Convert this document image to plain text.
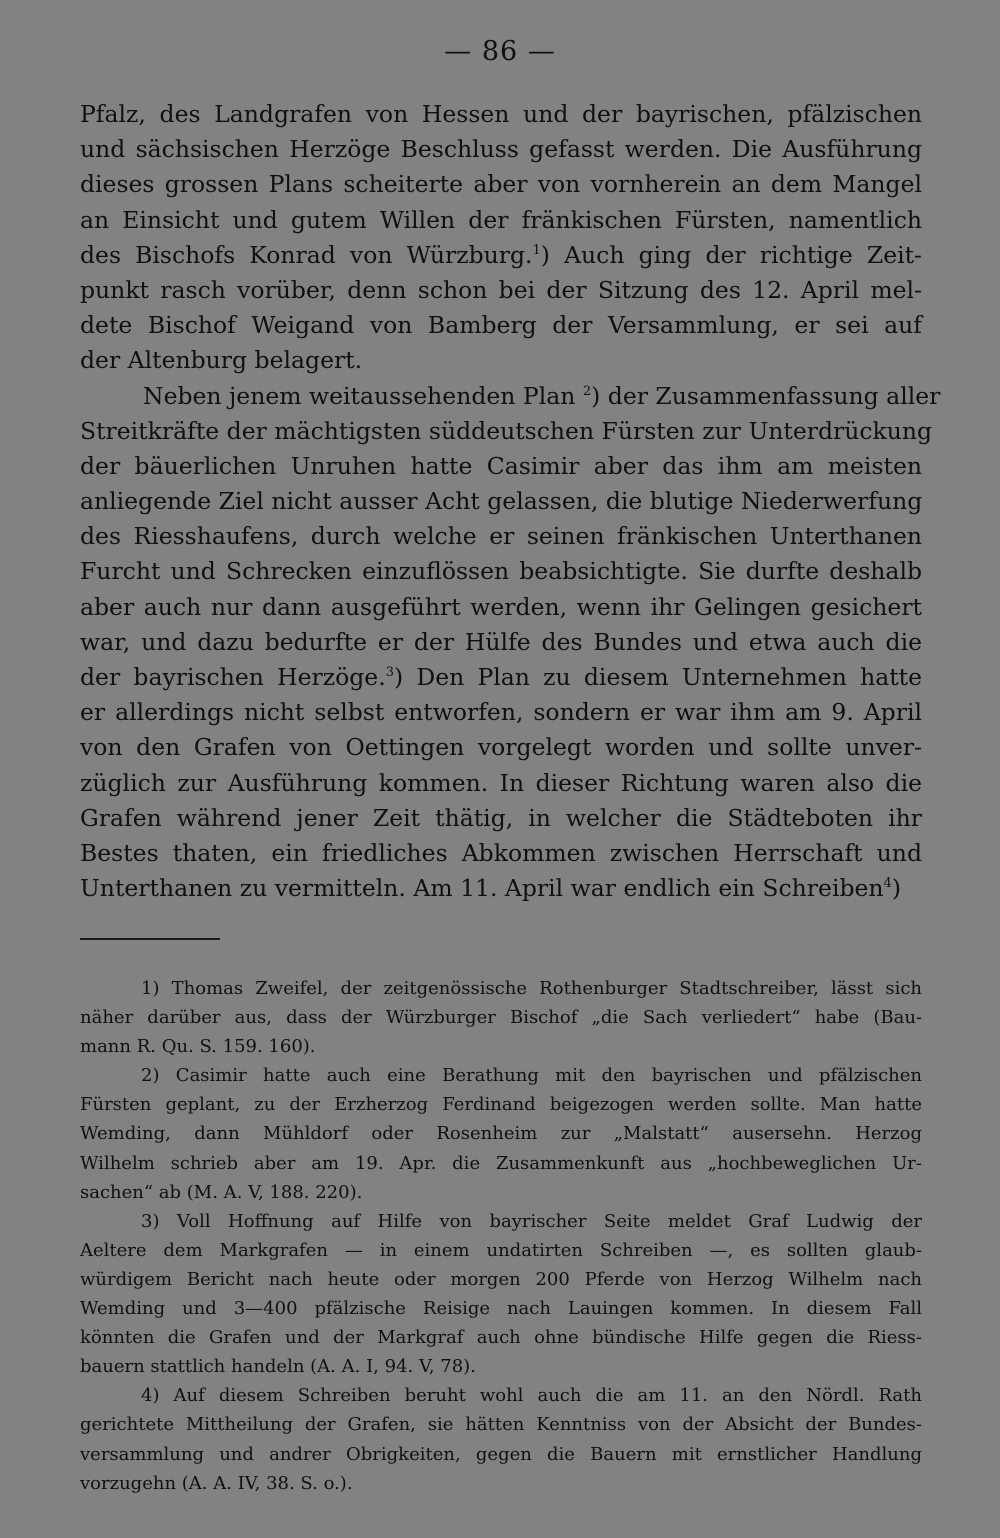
— 86 —
Pfalz, des Landgrafen von Hessen und der bayrischen, pfälzischen
und sächsischen Herzöge Beschluss gefasst werden. Die Ausführung
dieses grossen Plans scheiterte aber von vornherein an dem Mangel
an Einsicht und gutem Willen der fränkischen Fürsten, namentlich
des Bischofs Konrad von Würzburg.$^1$) Auch ging der richtige Zeit-
punkt rasch vorüber, denn schon bei der Sitzung des 12. April mel-
dete Bischof Weigand von Bamberg der Versammlung, er sei auf
der Altenburg belagert.
Neben jenem weitaussehenden Plan $^2$) der Zusammenfassung aller
Streitkräfte der mächtigsten süddeutschen Fürsten zur Unterdrückung
der bäuerlichen Unruhen hatte Casimir aber das ihm am meisten
anliegende Ziel nicht ausser Acht gelassen, die blutige Niederwerfung
des Riesshaufens, durch welche er seinen fränkischen Unterthanen
Furcht und Schrecken einzuflössen beabsichtigte. Sie durfte deshalb
aber auch nur dann ausgeführt werden, wenn ihr Gelingen gesichert
war, und dazu bedurfte er der Hülfe des Bundes und etwa auch die
der bayrischen Herzöge.$^3$) Den Plan zu diesem Unternehmen hatte
er allerdings nicht selbst entworfen, sondern er war ihm am 9. April
von den Grafen von Oettingen vorgelegt worden und sollte unver-
züglich zur Ausführung kommen. In dieser Richtung waren also die
Grafen während jener Zeit thätig, in welcher die Städteboten ihr
Bestes thaten, ein friedliches Abkommen zwischen Herrschaft und
Unterthanen zu vermitteln. Am 11. April war endlich ein Schreiben$^4$)
1) Thomas Zweifel, der zeitgenössische Rothenburger Stadtschreiber, lässt sich
näher darüber aus, dass der Würzburger Bischof „die Sach verliedert“ habe (Bau-
mann R. Qu. S. 159. 160).
2) Casimir hatte auch eine Berathung mit den bayrischen und pfälzischen
Fürsten geplant, zu der Erzherzog Ferdinand beigezogen werden sollte. Man hatte
Wemding, dann Mühldorf oder Rosenheim zur „Malstatt“ ausersehn. Herzog
Wilhelm schrieb aber am 19. Apr. die Zusammenkunft aus „hochbeweglichen Ur-
sachen“ ab (M. A. V, 188. 220).
3) Voll Hoffnung auf Hilfe von bayrischer Seite meldet Graf Ludwig der
Aeltere dem Markgrafen — in einem undatirten Schreiben —, es sollten glaub-
würdigem Bericht nach heute oder morgen 200 Pferde von Herzog Wilhelm nach
Wemding und 3—400 pfälzische Reisige nach Lauingen kommen. In diesem Fall
könnten die Grafen und der Markgraf auch ohne bündische Hilfe gegen die Riess-
bauern stattlich handeln (A. A. I, 94. V, 78).
4) Auf diesem Schreiben beruht wohl auch die am 11. an den Nördl. Rath
gerichtete Mittheilung der Grafen, sie hätten Kenntniss von der Absicht der Bundes-
versammlung und andrer Obrigkeiten, gegen die Bauern mit ernstlicher Handlung
vorzugehn (A. A. IV, 38. S. o.).
